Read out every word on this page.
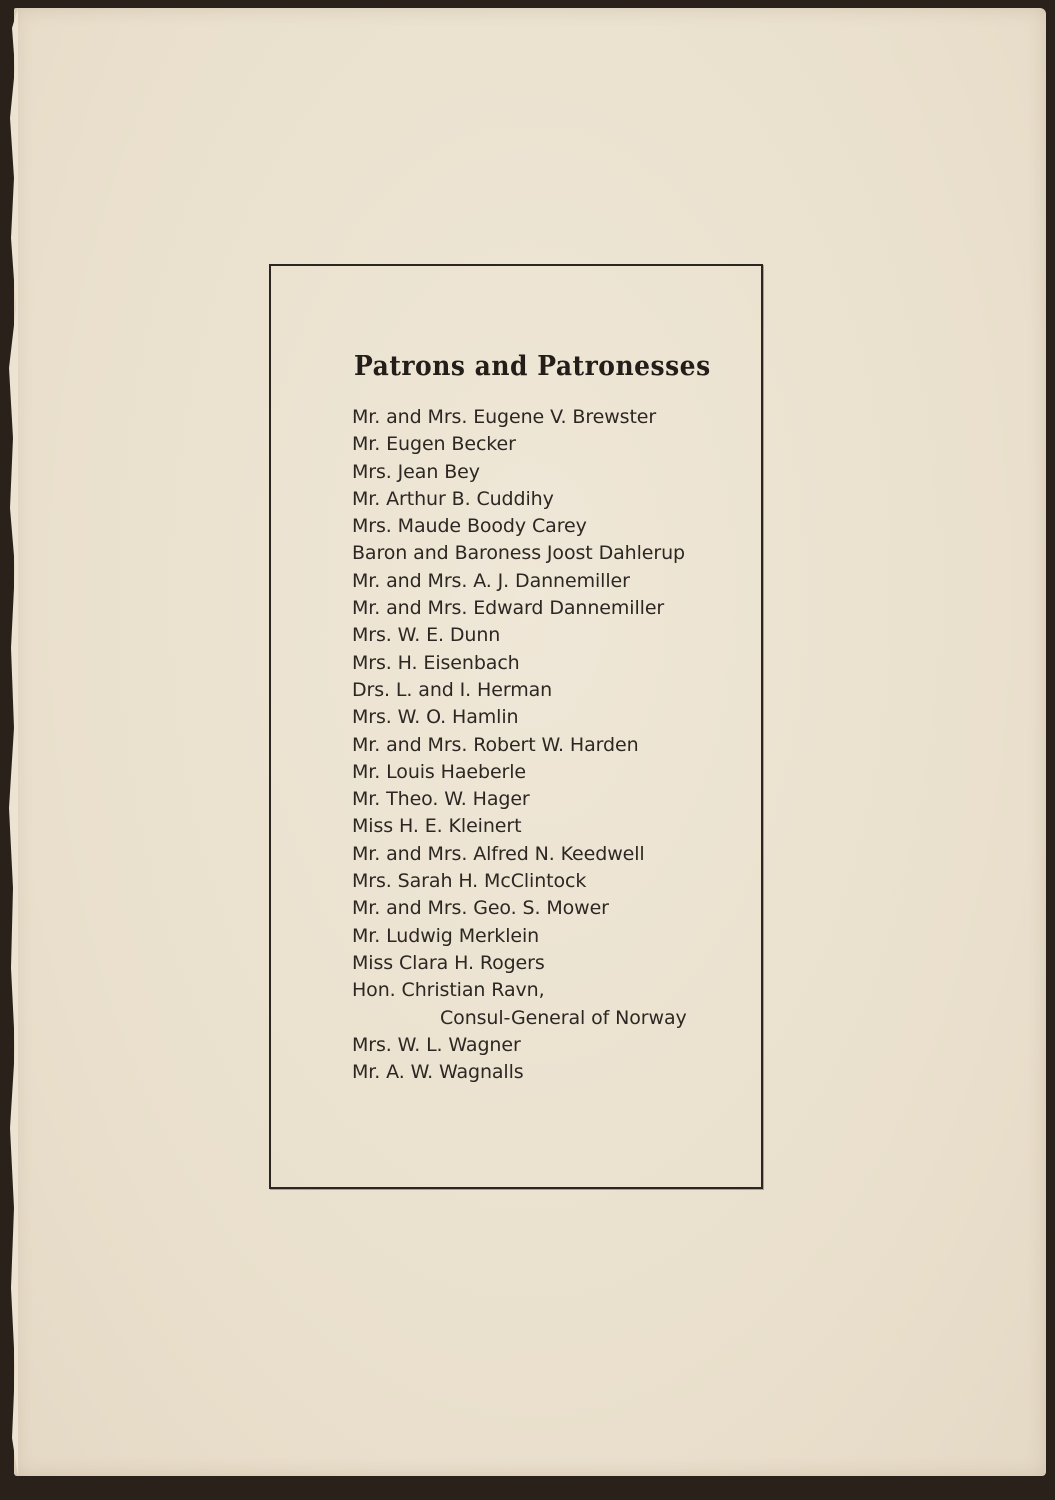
Patrons and Patronesses
Mr. and Mrs. Eugene V. Brewster
Mr. Eugen Becker
Mrs. Jean Bey
Mr. Arthur B. Cuddihy
Mrs. Maude Boody Carey
Baron and Baroness Joost Dahlerup
Mr. and Mrs. A. J. Dannemiller
Mr. and Mrs. Edward Dannemiller
Mrs. W. E. Dunn
Mrs. H. Eisenbach
Drs. L. and I. Herman
Mrs. W. O. Hamlin
Mr. and Mrs. Robert W. Harden
Mr. Louis Haeberle
Mr. Theo. W. Hager
Miss H. E. Kleinert
Mr. and Mrs. Alfred N. Keedwell
Mrs. Sarah H. McClintock
Mr. and Mrs. Geo. S. Mower
Mr. Ludwig Merklein
Miss Clara H. Rogers
Hon. Christian Ravn,
Consul-General of Norway
Mrs. W. L. Wagner
Mr. A. W. Wagnalls
